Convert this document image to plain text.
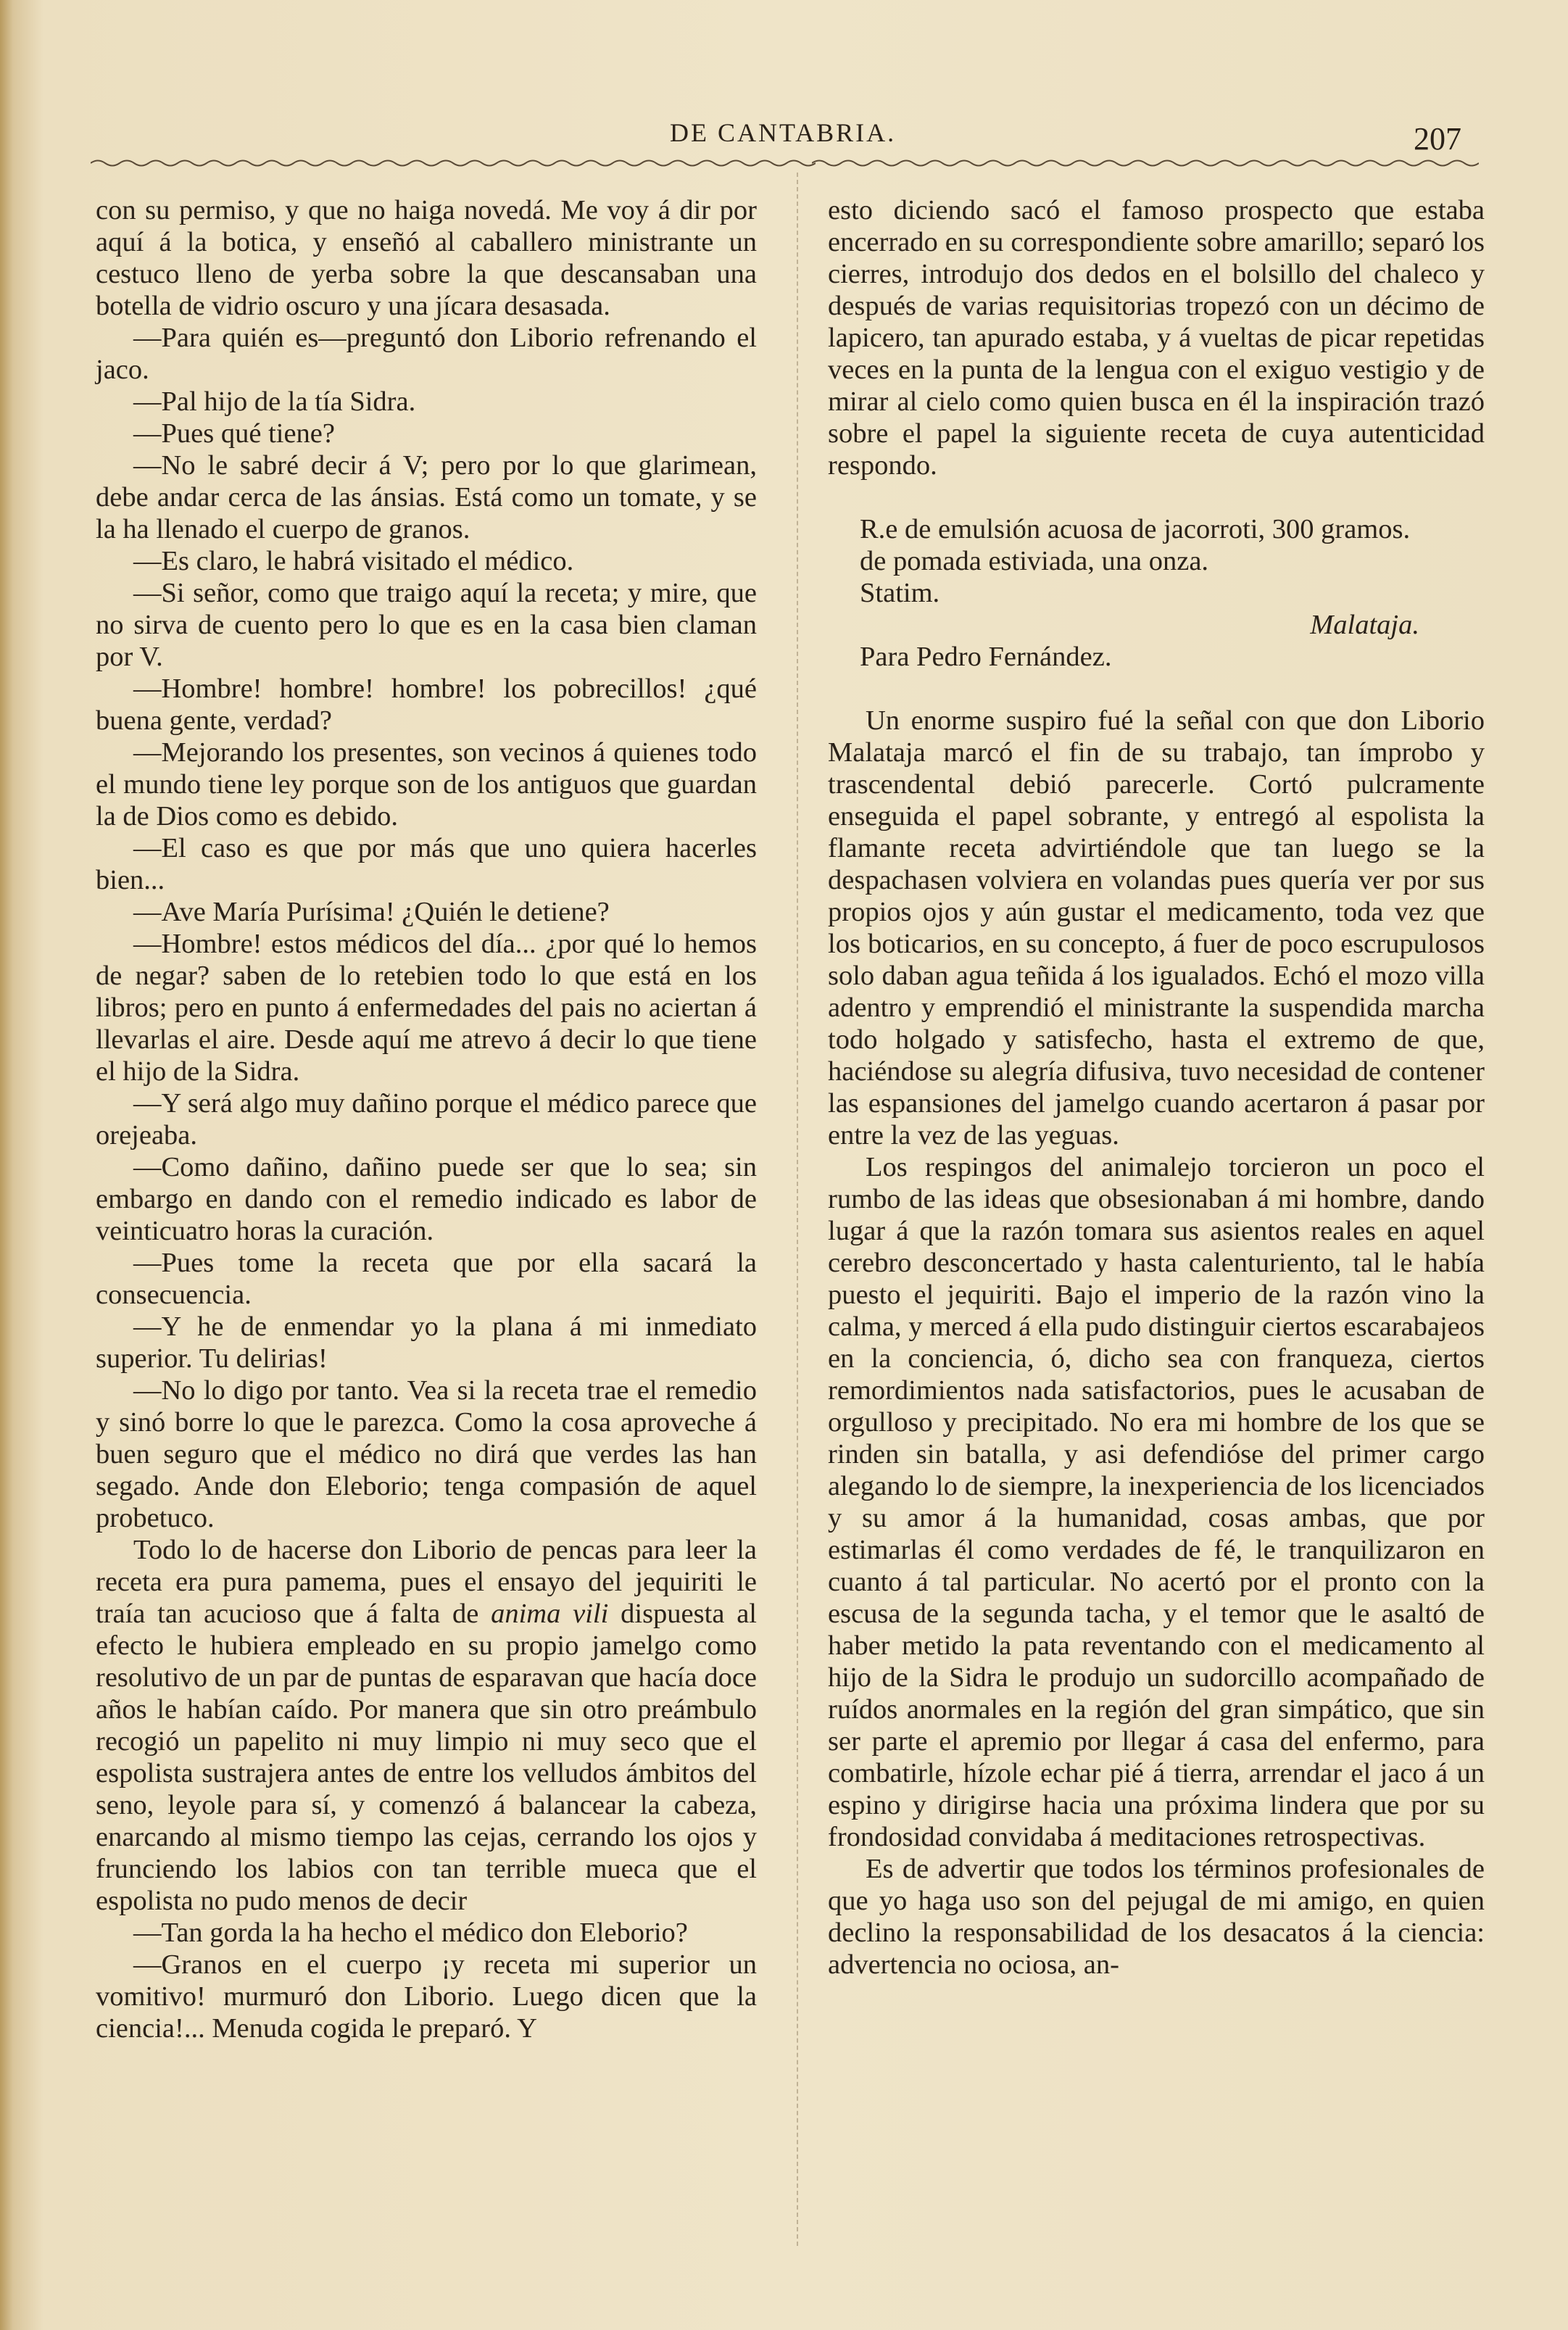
DE CANTABRIA.	207

con su permiso, y que no haiga novedá. Me voy á dir por aquí á la botica, y enseñó al caballero ministrante un cestuco lleno de yerba sobre la que descansaban una botella de vidrio oscuro y una jícara desasada.

—Para quién es—preguntó don Liborio refrenando el jaco.

—Pal hijo de la tía Sidra.

—Pues qué tiene?

—No le sabré decir á V; pero por lo que glarimean, debe andar cerca de las ánsias. Está como un tomate, y se la ha llenado el cuerpo de granos.

—Es claro, le habrá visitado el médico.

—Si señor, como que traigo aquí la receta; y mire, que no sirva de cuento pero lo que es en la casa bien claman por V.

—Hombre! hombre! hombre! los pobrecillos! ¿qué buena gente, verdad?

—Mejorando los presentes, son vecinos á quienes todo el mundo tiene ley porque son de los antiguos que guardan la de Dios como es debido.

—El caso es que por más que uno quiera hacerles bien...

—Ave María Purísima! ¿Quién le detiene?

—Hombre! estos médicos del día... ¿por qué lo hemos de negar? saben de lo retebien todo lo que está en los libros; pero en punto á enfermedades del pais no aciertan á llevarlas el aire. Desde aquí me atrevo á decir lo que tiene el hijo de la Sidra.

—Y será algo muy dañino porque el médico parece que orejeaba.

—Como dañino, dañino puede ser que lo sea; sin embargo en dando con el remedio indicado es labor de veinticuatro horas la curación.

—Pues tome la receta que por ella sacará la consecuencia.

—Y he de enmendar yo la plana á mi inmediato superior. Tu delirias!

—No lo digo por tanto. Vea si la receta trae el remedio y sinó borre lo que le parezca. Como la cosa aproveche á buen seguro que el médico no dirá que verdes las han segado. Ande don Eleborio; tenga compasión de aquel probetuco.

Todo lo de hacerse don Liborio de pencas para leer la receta era pura pamema, pues el ensayo del jequiriti le traía tan acucioso que á falta de anima vili dispuesta al efecto le hubiera empleado en su propio jamelgo como resolutivo de un par de puntas de esparavan que hacía doce años le habían caído. Por manera que sin otro preámbulo recogió un papelito ni muy limpio ni muy seco que el espolista sustrajera antes de entre los velludos ámbitos del seno, leyole para sí, y comenzó á balancear la cabeza, enarcando al mismo tiempo las cejas, cerrando los ojos y frunciendo los labios con tan terrible mueca que el espolista no pudo menos de decir

—Tan gorda la ha hecho el médico don Eleborio?

—Granos en el cuerpo ¡y receta mi superior un vomitivo! murmuró don Liborio. Luego dicen que la ciencia!... Menuda cogida le preparó. Y

esto diciendo sacó el famoso prospecto que estaba encerrado en su correspondiente sobre amarillo; separó los cierres, introdujo dos dedos en el bolsillo del chaleco y después de varias requisitorias tropezó con un décimo de lapicero, tan apurado estaba, y á vueltas de picar repetidas veces en la punta de la lengua con el exiguo vestigio y de mirar al cielo como quien busca en él la inspiración trazó sobre el papel la siguiente receta de cuya autenticidad respondo.

R.e de emulsión acuosa de jacorroti, 300 gramos.

de pomada estiviada, una onza.

Statim.

Malataja.

Para Pedro Fernández.

Un enorme suspiro fué la señal con que don Liborio Malataja marcó el fin de su trabajo, tan ímprobo y trascendental debió parecerle. Cortó pulcramente enseguida el papel sobrante, y entregó al espolista la flamante receta advirtiéndole que tan luego se la despachasen volviera en volandas pues quería ver por sus propios ojos y aún gustar el medicamento, toda vez que los boticarios, en su concepto, á fuer de poco escrupulosos solo daban agua teñida á los igualados. Echó el mozo villa adentro y emprendió el ministrante la suspendida marcha todo holgado y satisfecho, hasta el extremo de que, haciéndose su alegría difusiva, tuvo necesidad de contener las espansiones del jamelgo cuando acertaron á pasar por entre la vez de las yeguas.

Los respingos del animalejo torcieron un poco el rumbo de las ideas que obsesionaban á mi hombre, dando lugar á que la razón tomara sus asientos reales en aquel cerebro desconcertado y hasta calenturiento, tal le había puesto el jequiriti. Bajo el imperio de la razón vino la calma, y merced á ella pudo distinguir ciertos escarabajeos en la conciencia, ó, dicho sea con franqueza, ciertos remordimientos nada satisfactorios, pues le acusaban de orgulloso y precipitado. No era mi hombre de los que se rinden sin batalla, y asi defendióse del primer cargo alegando lo de siempre, la inexperiencia de los licenciados y su amor á la humanidad, cosas ambas, que por estimarlas él como verdades de fé, le tranquilizaron en cuanto á tal particular. No acertó por el pronto con la escusa de la segunda tacha, y el temor que le asaltó de haber metido la pata reventando con el medicamento al hijo de la Sidra le produjo un sudorcillo acompañado de ruídos anormales en la región del gran simpático, que sin ser parte el apremio por llegar á casa del enfermo, para combatirle, hízole echar pié á tierra, arrendar el jaco á un espino y dirigirse hacia una próxima lindera que por su frondosidad convidaba á meditaciones retrospectivas.

Es de advertir que todos los términos profesionales de que yo haga uso son del pejugal de mi amigo, en quien declino la responsabilidad de los desacatos á la ciencia: advertencia no ociosa, an-
